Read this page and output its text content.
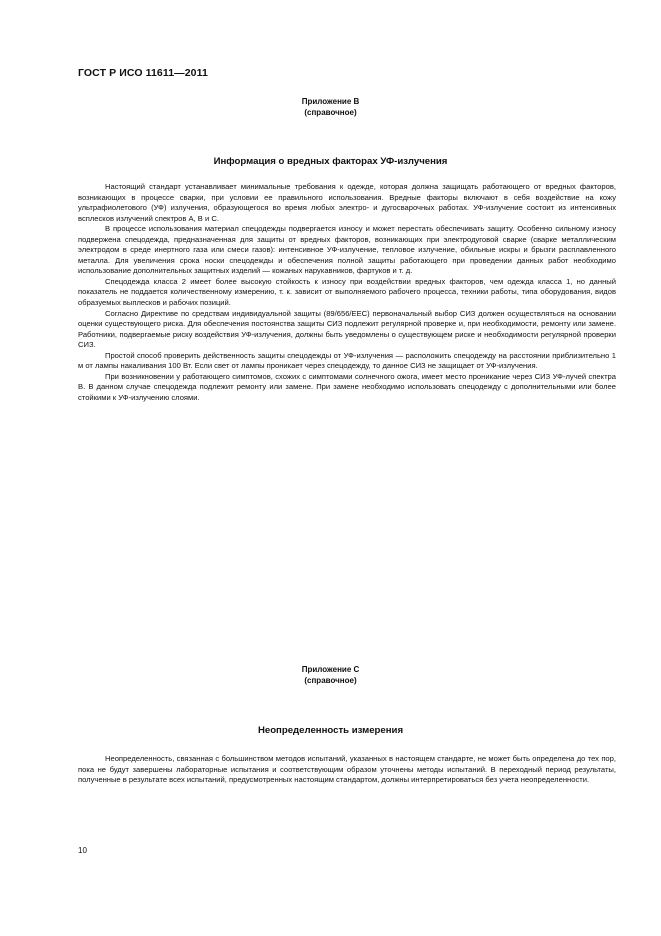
ГОСТ Р ИСО 11611—2011
Приложение B
(справочное)
Информация о вредных факторах УФ-излучения

Настоящий стандарт устанавливает минимальные требования к одежде, которая должна защищать работающего от вредных факторов, возникающих в процессе сварки, при условии ее правильного использования. Вредные факторы включают в себя воздействие на кожу ультрафиолетового (УФ) излучения, образующегося во время любых электро- и дугосварочных работах. УФ-излучение состоит из интенсивных всплесков излучений спектров A, B и C.

В процессе использования материал спецодежды подвергается износу и может перестать обеспечивать защиту. Особенно сильному износу подвержена спецодежда, предназначенная для защиты от вредных факторов, возникающих при электродуговой сварке (сварке металлическим электродом в среде инертного газа или смеси газов): интенсивное УФ-излучение, тепловое излучение, обильные искры и брызги расплавленного металла. Для увеличения срока носки спецодежды и обеспечения полной защиты работающего при проведении данных работ необходимо использование дополнительных защитных изделий — кожаных нарукавников, фартуков и т. д.

Спецодежда класса 2 имеет более высокую стойкость к износу при воздействии вредных факторов, чем одежда класса 1, но данный показатель не поддается количественному измерению, т. к. зависит от выполняемого рабочего процесса, техники работы, типа оборудования, видов образуемых выплесков и рабочих позиций.

Согласно Директиве по средствам индивидуальной защиты (89/656/ЕЕС) первоначальный выбор СИЗ должен осуществляться на основании оценки существующего риска. Для обеспечения постоянства защиты СИЗ подлежит регулярной проверке и, при необходимости, ремонту или замене. Работники, подвергаемые риску воздействия УФ-излучения, должны быть уведомлены о существующем риске и необходимости регулярной проверки СИЗ.

Простой способ проверить действенность защиты спецодежды от УФ-излучения — расположить спецодежду на расстоянии приблизительно 1 м от лампы накаливания 100 Вт. Если свет от лампы проникает через спецодежду, то данное СИЗ не защищает от УФ-излучения.

При возникновении у работающего симптомов, схожих с симптомами солнечного ожога, имеет место проникание через СИЗ УФ-лучей спектра B. В данном случае спецодежда подлежит ремонту или замене. При замене необходимо использовать спецодежду с дополнительными или более стойкими к УФ-излучению слоями.

Приложение C
(справочное)
Неопределенность измерения

Неопределенность, связанная с большинством методов испытаний, указанных в настоящем стандарте, не может быть определена до тех пор, пока не будут завершены лабораторные испытания и соответствующим образом уточнены методы испытаний. В переходный период результаты, полученные в результате всех испытаний, предусмотренных настоящим стандартом, должны интерпретироваться без учета неопределенности.

10
